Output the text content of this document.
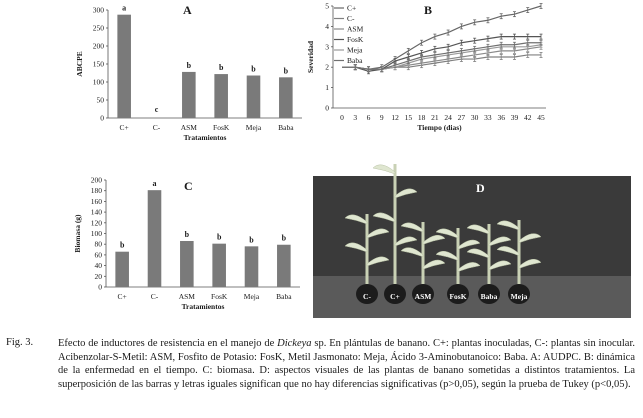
0
50
100
150
200
250
300
C+
a
C-
c
ASM
b
FosK
b
Meja
b
Baba
b
Tratamientos
ABCPE
A
0
1
2
3
4
5
0 3 6 9 12 15 18 21 24 27 30 33 36 39 42 45
C+
C-
ASM
FosK
Meja
Baba
Tiempo (dias)
Severidad
B
0
20
40
60
80
100
120
140
160
180
200
C+
b
C-
a
ASM
b
FosK
b
Meja
b
Baba
b
Tratamientos
Biomasa (g)
C	D
C-	C+ ASM FosK Baba Meja
Fig. 3. Efecto de inductores de resistencia en el manejo de Dickeya sp. En plántulas de banano. C+: plantas inoculadas, C-: plantas sin inocular. Acibenzolar-S-Metil: ASM, Fosfito de Potasio: FosK, Metil Jasmonato: Meja, Ácido 3-Aminobutanoico: Baba. A: AUDPC. B: dinámica de la enfermedad en el tiempo. C: biomasa. D: aspectos visuales de las plantas de banano sometidas a distintos tratamientos. La superposición de las barras y letras iguales significan que no hay diferencias significativas (p>0,05), según la prueba de Tukey (p<0,05).
